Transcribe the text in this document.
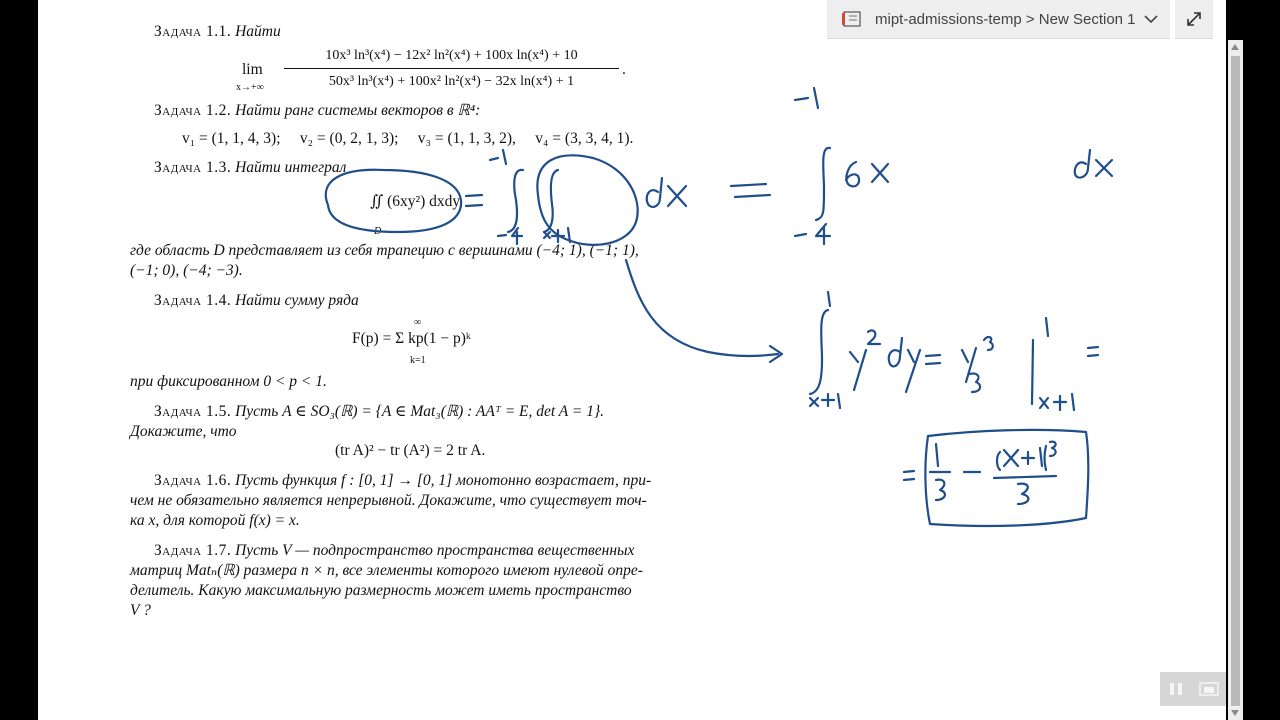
Задача 1.1. Найти
lim
x→+∞
10x³ ln³(x⁴) − 12x² ln²(x⁴) + 100x ln(x⁴) + 10
50x³ ln³(x⁴) + 100x² ln²(x⁴) − 32x ln(x⁴) + 1
.
Задача 1.2. Найти ранг системы векторов в ℝ⁴:
v₁ = (1, 1, 4, 3);     v₂ = (0, 2, 1, 3);     v₃ = (1, 1, 3, 2),     v₄ = (3, 3, 4, 1).
Задача 1.3. Найти интеграл
∬ (6xy²) dxdy,
D
где область D представляет из себя трапецию с вершинами (−4; 1), (−1; 1),
(−1; 0), (−4; −3).
Задача 1.4. Найти сумму ряда
F(p) = Σ kp(1 − p)ᵏ
∞
k=1
при фиксированном 0 < p < 1.
Задача 1.5. Пусть A ∈ SO₃(ℝ) = {A ∈ Mat₃(ℝ) : AAᵀ = E, det A = 1}.
Докажите, что
(tr A)² − tr (A²) = 2 tr A.
Задача 1.6. Пусть функция f : [0, 1] → [0, 1] монотонно возрастает, при-
чем не обязательно является непрерывной. Докажите, что существует точ-
ка x, для которой f(x) = x.
Задача 1.7. Пусть V — подпространство пространства вещественных
матриц Matₙ(ℝ) размера n × n, все элементы которого имеют нулевой опре-
делитель. Какую максимальную размерность может иметь пространство
V ?
mipt-admissions-temp > New Section 1
